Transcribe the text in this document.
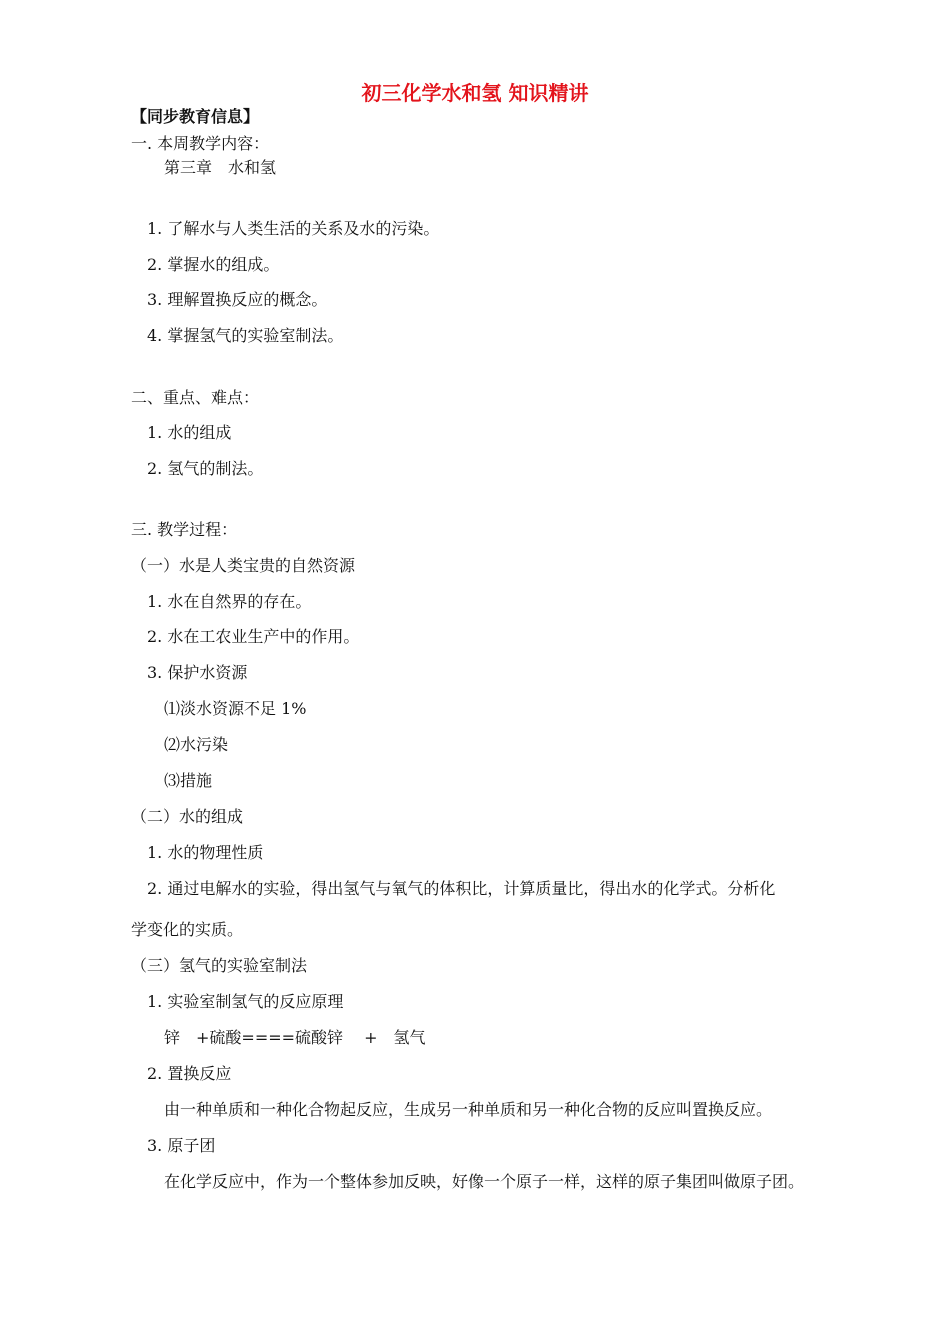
初三化学水和氢 知识精讲
【同步教育信息】
一. 本周教学内容：
第三章　水和氢
1. 了解水与人类生活的关系及水的污染。
2. 掌握水的组成。
3. 理解置换反应的概念。
4. 掌握氢气的实验室制法。
二、重点、难点：
1. 水的组成
2. 氢气的制法。
三. 教学过程：
（一）水是人类宝贵的自然资源
1. 水在自然界的存在。
2. 水在工农业生产中的作用。
3. 保护水资源
⑴淡水资源不足 1%
⑵水污染
⑶措施
（二）水的组成
1. 水的物理性质
2. 通过电解水的实验，得出氢气与氧气的体积比，计算质量比，得出水的化学式。分析化
学变化的实质。
（三）氢气的实验室制法
1. 实验室制氢气的反应原理
锌　+硫酸====硫酸锌　 +　氢气
2. 置换反应
由一种单质和一种化合物起反应，生成另一种单质和另一种化合物的反应叫置换反应。
3. 原子团
在化学反应中，作为一个整体参加反映，好像一个原子一样，这样的原子集团叫做原子团。
